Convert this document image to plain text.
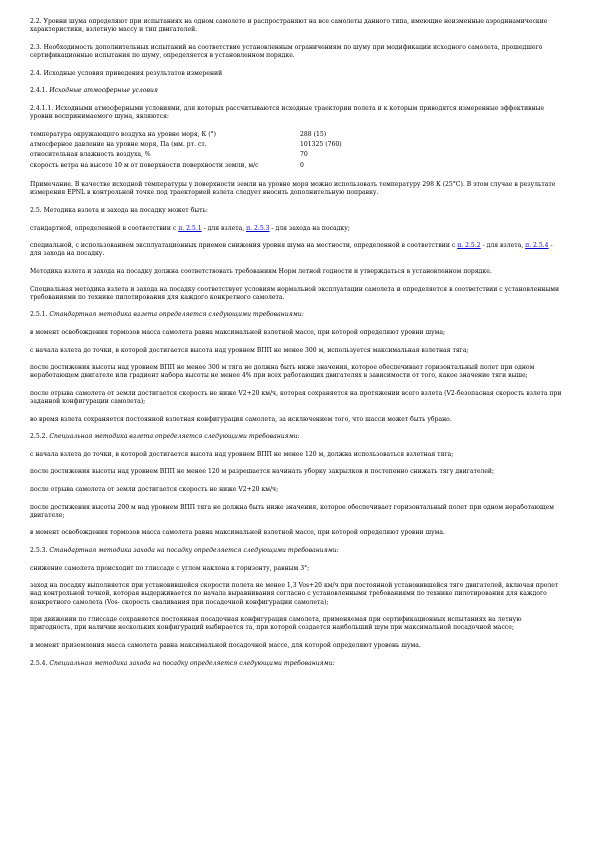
2.2. Уровни шума определяют при испытаниях на одном самолете и распространяют на все самолеты данного типа, имеющие неизменные аэродинамические характеристики, взлетную массу и тип двигателей.

2.3. Необходимость дополнительных испытаний на соответствие установленным ограничениям по шуму при модификации исходного самолета, прошедшего сертификационные испытания по шуму, определяется в установленном порядке.

2.4. Исходные условия приведения результатов измерений

2.4.1. Исходные атмосферные условия

2.4.1.1. Исходными атмосферными условиями, для которых рассчитываются исходные траектории полета и к которым приводятся измеренные эффективные уровни воспринимаемого шума, являются:

температура окружающего воздуха на уровне моря, К (°)	288 (15)
атмосферное давление на уровне моря, Па (мм. рт. ст.	101325 (760)
относительная влажность воздуха, %	70
скорость ветра на высоте 10 м от поверхности поверхности земли, м/с	0

Примечание. В качестве исходной температуры у поверхности земли на уровне моря можно использовать температуру 298 К (25°С). В этом случае в результате измерения EPNL в контрольной точке под траекторией взлета следует вносить дополнительную поправку.

2.5. Методика взлета и захода на посадку может быть:

стандартной, определенной в соответствии с п. 2.5.1 - для взлета, п. 2.5.3 - для захода на посадку;

специальной, с использованием эксплуатационных приемов снижения уровня шума на местности, определенной в соответствии с п. 2.5.2 - для взлета, п. 2.5.4 - для захода на посадку.

Методика взлета и захода на посадку должна соответствовать требованиям Норм летной годности и утверждаться в установленном порядке.

Специальная методика взлета и захода на посадку соответствует условиям нормальной эксплуатации самолета и определяется в соответствии с установленными требованиями по технике пилотирования для каждого конкретного самолета.

2.5.1. Стандартная методика взлета определяется следующими требованиями:

в момент освобождения тормозов масса самолета равна максимальной взлетной массе, при которой определяют уровни шума;

с начала взлета до точки, в которой достигается высота над уровнем ВПП не менее 300 м, используется максимальная взлетная тяга;

после достижения высоты над уровнем ВПП не менее 300 м тяга не должна быть ниже значения, которое обеспечивает горизонтальный полет при одном неработающем двигателе или градиент набора высоты не менее 4% при всех работающих двигателях в зависимости от того, какое значение тяги выше;

после отрыва самолета от земли достигается скорость не ниже V2+20 км/ч, которая сохраняется на протяжении всего взлета (V2-безопасная скорость взлета при заданной конфигурации самолета);

во время взлета сохраняется постоянной взлетная конфигурация самолета, за исключением того, что шасси может быть убрано.

2.5.2. Специальная методика взлета определяется следующими требованиями:

с начала взлета до точки, в которой достигается высота над уровнем ВПП не менее 120 м, должна использоваться взлетная тяга;

после достижения высоты над уровнем ВПП не менее 120 м разрешается начинать уборку закрылков и постепенно снижать тягу двигателей;

после отрыва самолета от земли достигается скорость не ниже V2+20 км/ч;

после достижения высоты 200 м над уровнем ВПП тяга не должна быть ниже значения, которое обеспечивает горизонтальный полет при одном неработающем двигателе;

в момент освобождения тормозов масса самолета равна максимальной взлетной массе, при которой определяют уровни шума.

2.5.3. Стандартная методика захода на посадку определяется следующими требованиями:

снижение самолета происходит по глиссаде с углом наклона к горизонту, равным 3°;

заход на посадку выполняется при установившейся скорости полета не менее 1,3 Vos+20 км/ч при постоянной установившейся тяге двигателей, включая пролет над контрольной точкой, которая выдерживается по начала выравнивания согласно с установленными требованиями по технике пилотирования для каждого конкретного самолета (Vos- скорость сваливания при посадочной конфигурации самолета);

при движении по глиссаде сохраняется постоянная посадочная конфигурация самолета, применяемая при сертификационных испытаниях на летную пригодность, при наличии нескольких конфигураций выбирается та, при которой создается наибольший шум при максимальной посадочной массе;

в момент приземления масса самолета равна максимальной посадочной массе, для которой определяют уровень шума.

2.5.4. Специальная методика захода на посадку определяется следующими требованиями:
